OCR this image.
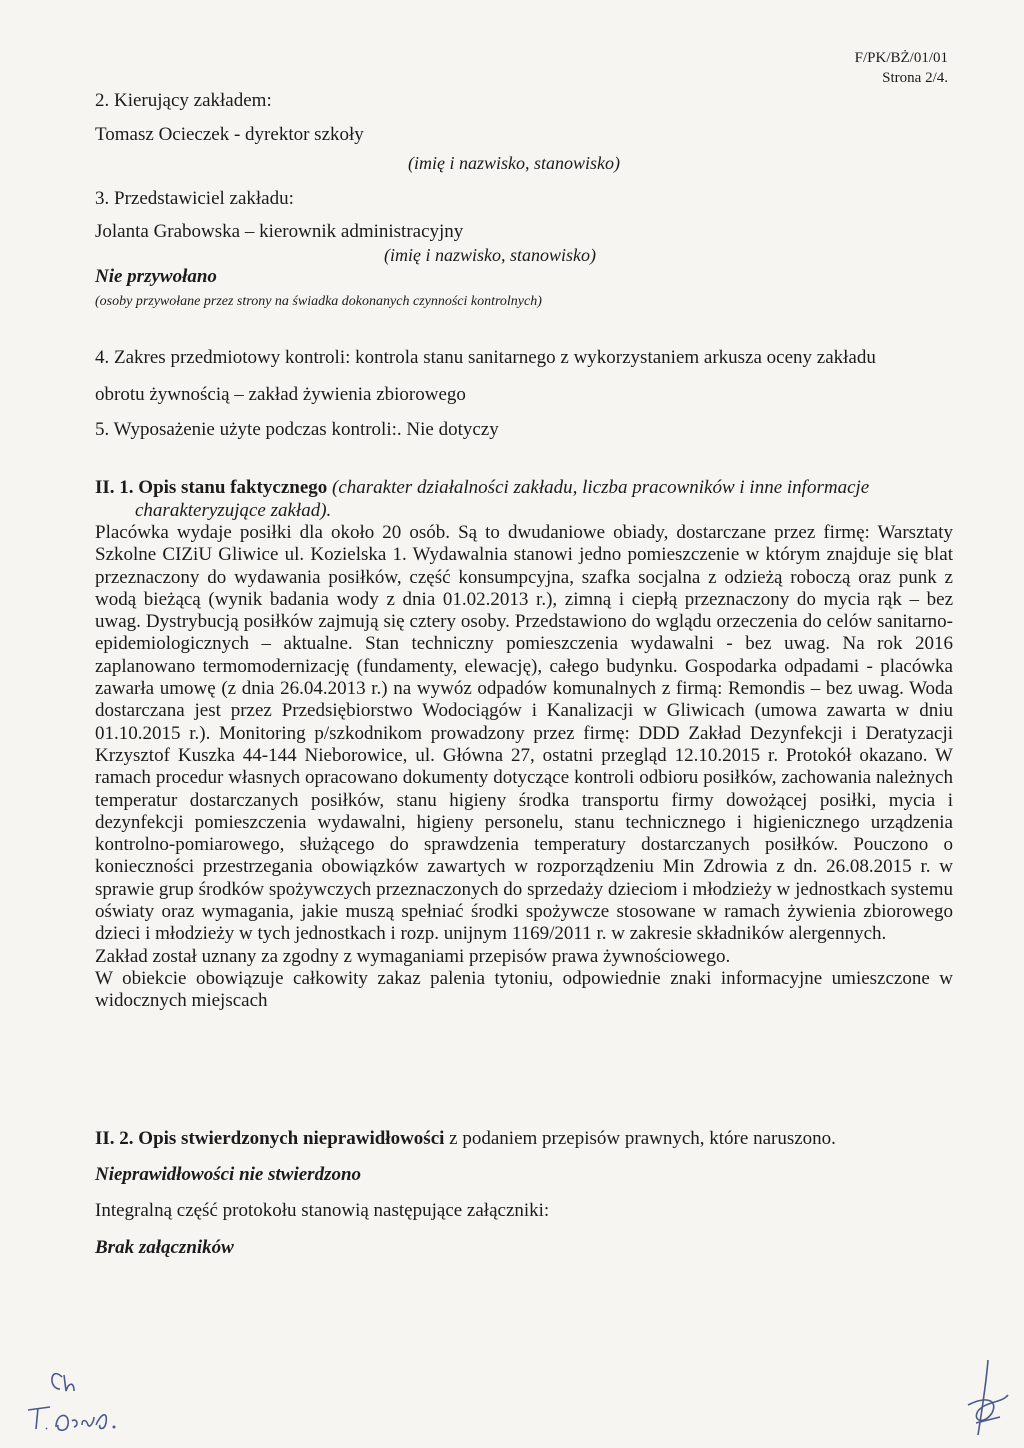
F/PK/BŻ/01/01
Strona 2/4.
2. Kierujący zakładem:
Tomasz Ocieczek - dyrektor szkoły
(imię i nazwisko, stanowisko)
3. Przedstawiciel zakładu:
Jolanta Grabowska – kierownik administracyjny
(imię i nazwisko, stanowisko)
Nie przywołano
(osoby przywołane przez strony na świadka dokonanych czynności kontrolnych)
4. Zakres przedmiotowy kontroli: kontrola stanu sanitarnego z wykorzystaniem arkusza oceny zakładu
obrotu żywnością – zakład żywienia zbiorowego
5. Wyposażenie użyte podczas kontroli:. Nie dotyczy
II. 1. Opis stanu faktycznego (charakter działalności zakładu, liczba pracowników i inne informacje
charakteryzujące zakład).

Placówka wydaje posiłki dla około 20 osób. Są to dwudaniowe obiady, dostarczane przez firmę: Warsztaty Szkolne CIZiU Gliwice ul. Kozielska 1. Wydawalnia stanowi jedno pomieszczenie w którym znajduje się blat przeznaczony do wydawania posiłków, część konsumpcyjna, szafka socjalna z odzieżą roboczą oraz punk z wodą bieżącą (wynik badania wody z dnia 01.02.2013 r.), zimną i ciepłą przeznaczony do mycia rąk – bez uwag. Dystrybucją posiłków zajmują się cztery osoby. Przedstawiono do wglądu orzeczenia do celów sanitarno-epidemiologicznych – aktualne. Stan techniczny pomieszczenia wydawalni - bez uwag. Na rok 2016 zaplanowano termomodernizację (fundamenty, elewację), całego budynku. Gospodarka odpadami - placówka zawarła umowę (z dnia 26.04.2013 r.) na wywóz odpadów komunalnych z firmą: Remondis – bez uwag. Woda dostarczana jest przez Przedsiębiorstwo Wodociągów i Kanalizacji w Gliwicach (umowa zawarta w dniu 01.10.2015 r.). Monitoring p/szkodnikom prowadzony przez firmę: DDD Zakład Dezynfekcji i Deratyzacji Krzysztof Kuszka 44-144 Nieborowice, ul. Główna 27, ostatni przegląd 12.10.2015 r. Protokół okazano. W ramach procedur własnych opracowano dokumenty dotyczące kontroli odbioru posiłków, zachowania należnych temperatur dostarczanych posiłków, stanu higieny środka transportu firmy dowożącej posiłki, mycia i dezynfekcji pomieszczenia wydawalni, higieny personelu, stanu technicznego i higienicznego urządzenia kontrolno-pomiarowego, służącego do sprawdzenia temperatury dostarczanych posiłków. Pouczono o konieczności przestrzegania obowiązków zawartych w rozporządzeniu Min Zdrowia z dn. 26.08.2015 r. w sprawie grup środków spożywczych przeznaczonych do sprzedaży dzieciom i młodzieży w jednostkach systemu oświaty oraz wymagania, jakie muszą spełniać środki spożywcze stosowane w ramach żywienia zbiorowego dzieci i młodzieży w tych jednostkach i rozp. unijnym 1169/2011 r. w zakresie składników alergennych.

Zakład został uznany za zgodny z wymaganiami przepisów prawa żywnościowego.

W obiekcie obowiązuje całkowity zakaz palenia tytoniu, odpowiednie znaki informacyjne umieszczone w widocznych miejscach

II. 2. Opis stwierdzonych nieprawidłowości z podaniem przepisów prawnych, które naruszono.
Nieprawidłowości nie stwierdzono
Integralną część protokołu stanowią następujące załączniki:
Brak załączników
